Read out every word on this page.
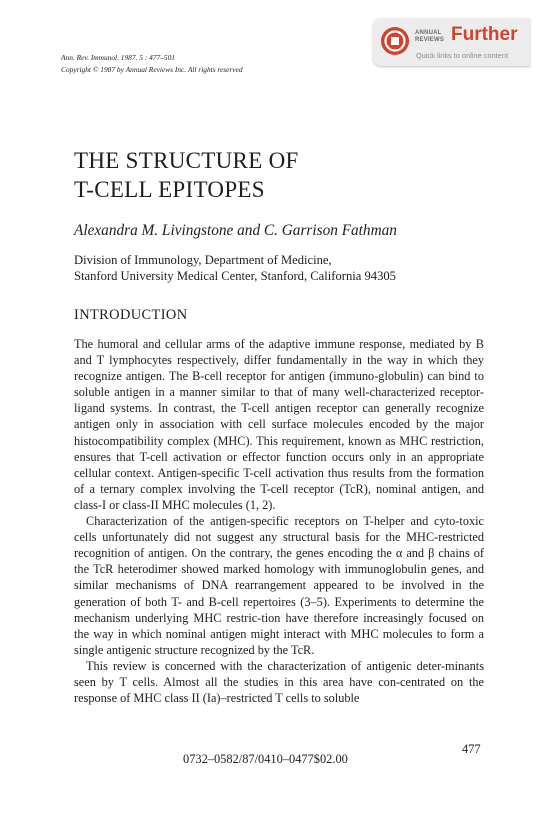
Ann. Rev. Immunol. 1987. 5 : 477–501
Copyright © 1987 by Annual Reviews Inc. All rights reserved
ANNUAL
REVIEWS Further
Quick links to online content
THE STRUCTURE OF
T-CELL EPITOPES
Alexandra M. Livingstone and C. Garrison Fathman
Division of Immunology, Department of Medicine,
Stanford University Medical Center, Stanford, California 94305
INTRODUCTION

The humoral and cellular arms of the adaptive immune response, mediated by B and T lymphocytes respectively, differ fundamentally in the way in which they recognize antigen. The B-cell receptor for antigen (immuno-globulin) can bind to soluble antigen in a manner similar to that of many well-characterized receptor-ligand systems. In contrast, the T-cell antigen receptor can generally recognize antigen only in association with cell surface molecules encoded by the major histocompatibility complex (MHC). This requirement, known as MHC restriction, ensures that T-cell activation or effector function occurs only in an appropriate cellular context. Antigen-specific T-cell activation thus results from the formation of a ternary complex involving the T-cell receptor (TcR), nominal antigen, and class-I or class-II MHC molecules (1, 2).

Characterization of the antigen-specific receptors on T-helper and cyto-toxic cells unfortunately did not suggest any structural basis for the MHC-restricted recognition of antigen. On the contrary, the genes encoding the α and β chains of the TcR heterodimer showed marked homology with immunoglobulin genes, and similar mechanisms of DNA rearrangement appeared to be involved in the generation of both T- and B-cell repertoires (3–5). Experiments to determine the mechanism underlying MHC restric-tion have therefore increasingly focused on the way in which nominal antigen might interact with MHC molecules to form a single antigenic structure recognized by the TcR.

This review is concerned with the characterization of antigenic deter-minants seen by T cells. Almost all the studies in this area have con-centrated on the response of MHC class II (Ia)–restricted T cells to soluble

477
0732–0582/87/0410–0477$02.00
